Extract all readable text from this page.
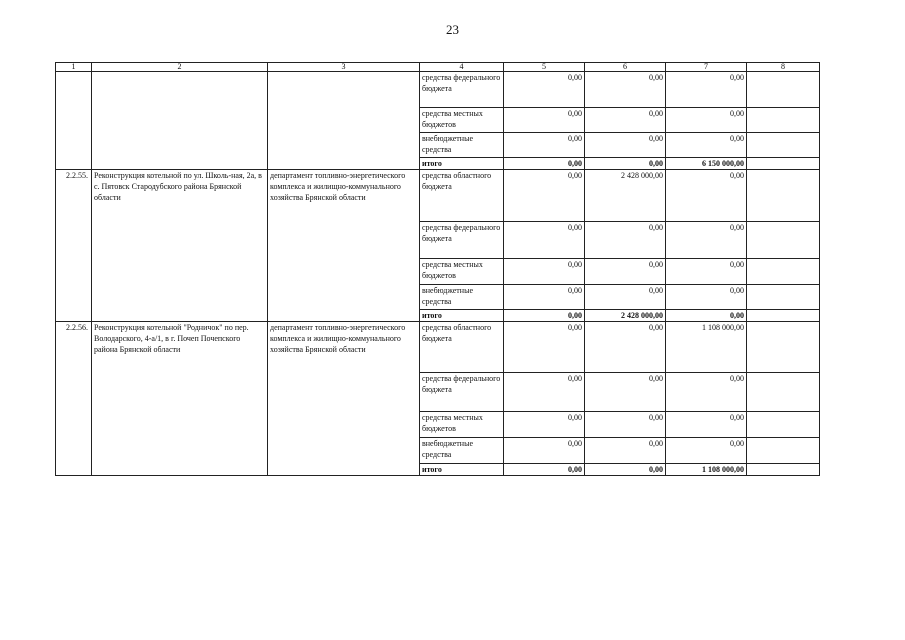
23
1	2	3	4	5	6	7	8
			средства федерального бюджета	0,00	0,00	0,00	
			средства местных бюджетов	0,00	0,00	0,00	
			внебюджетные средства	0,00	0,00	0,00	
			итого	0,00	0,00	6 150 000,00	
2.2.55.	Реконструкция котельной по ул. Школь-ная, 2а, в с. Пятовск Стародубского района Брянской области	департамент топливно-энергетического комплекса и жилищно-коммунального хозяйства Брянской области	средства областного бюджета	0,00	2 428 000,00	0,00	
			средства федерального бюджета	0,00	0,00	0,00	
			средства местных бюджетов	0,00	0,00	0,00	
			внебюджетные средства	0,00	0,00	0,00	
			итого	0,00	2 428 000,00	0,00	
2.2.56.	Реконструкция котельной "Родничок" по пер. Володарского, 4-а/1, в г. Почеп Почепского района Брянской области	департамент топливно-энергетического комплекса и жилищно-коммунального хозяйства Брянской области	средства областного бюджета	0,00	0,00	1 108 000,00	
			средства федерального бюджета	0,00	0,00	0,00	
			средства местных бюджетов	0,00	0,00	0,00	
			внебюджетные средства	0,00	0,00	0,00	
			итого	0,00	0,00	1 108 000,00	
